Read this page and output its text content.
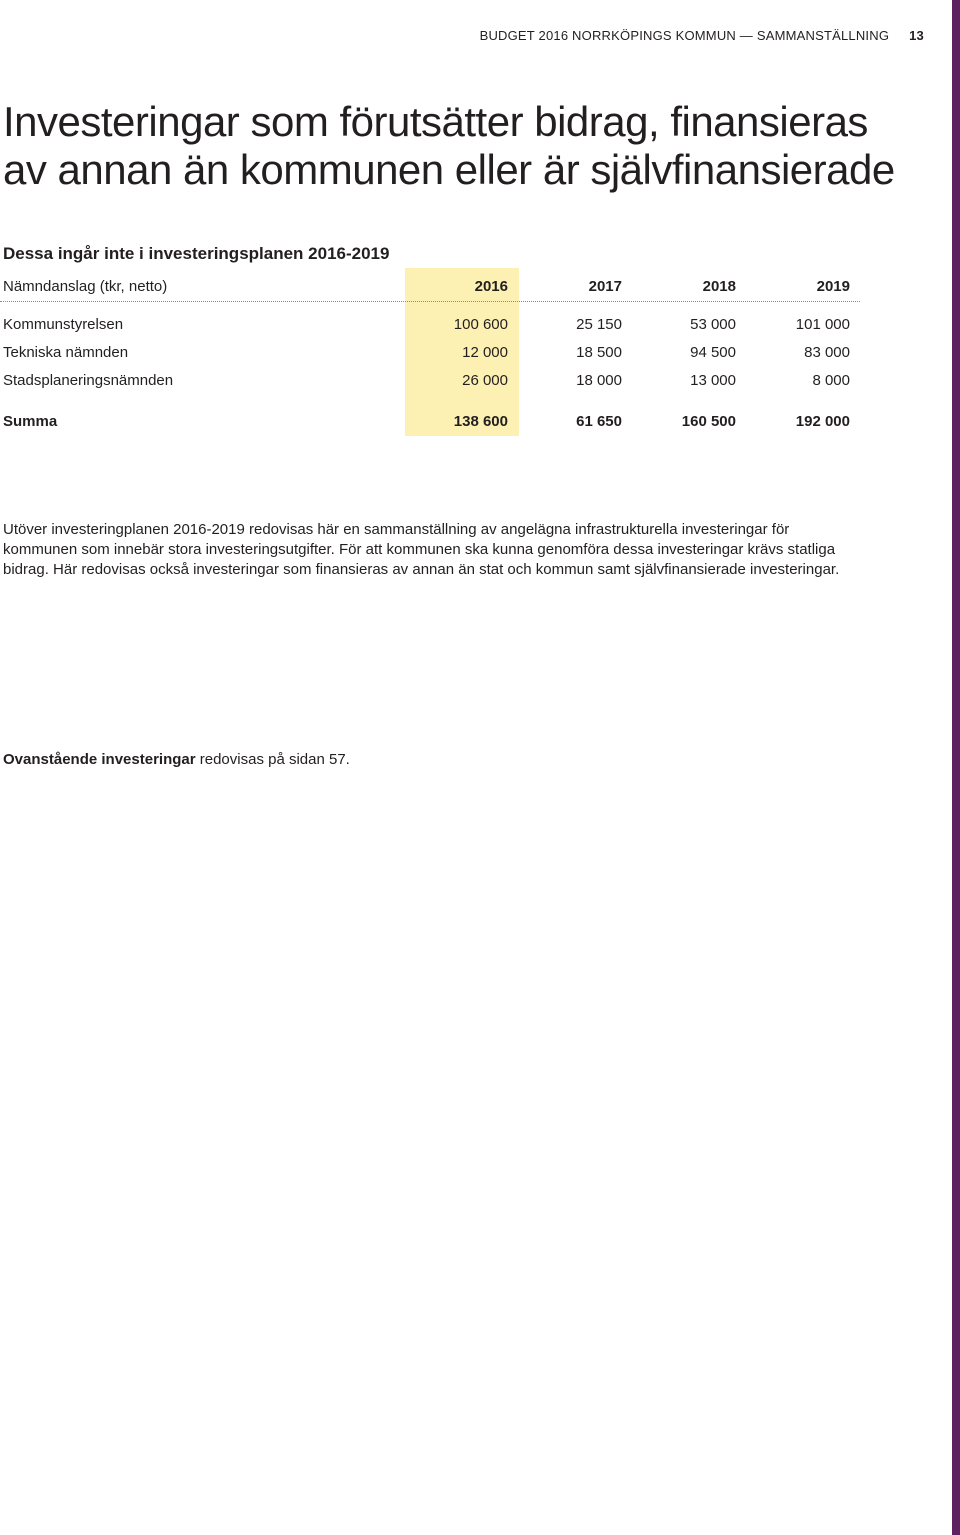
BUDGET 2016 NORRKÖPINGS KOMMUN — SAMMANSTÄLLNING 13
Investeringar som förutsätter bidrag, finansieras
av annan än kommunen eller är självfinansierade
Dessa ingår inte i investeringsplanen 2016-2019
Nämndanslag (tkr, netto)	2016	2017	2018	2019
Kommunstyrelsen	100 600	25 150	53 000	101 000
Tekniska nämnden	12 000	18 500	94 500	83 000
Stadsplaneringsnämnden	26 000	18 000	13 000	8 000
Summa	138 600	61 650	160 500	192 000

Utöver investeringplanen 2016-2019 redovisas här en sammanställning av angelägna infrastrukturella investeringar för kommunen som innebär stora investeringsutgifter. För att kommunen ska kunna genomföra dessa investeringar krävs statliga bidrag. Här redovisas också investeringar som finansieras av annan än stat och kommun samt självfinansierade investeringar.

Ovanstående investeringar redovisas på sidan 57.
